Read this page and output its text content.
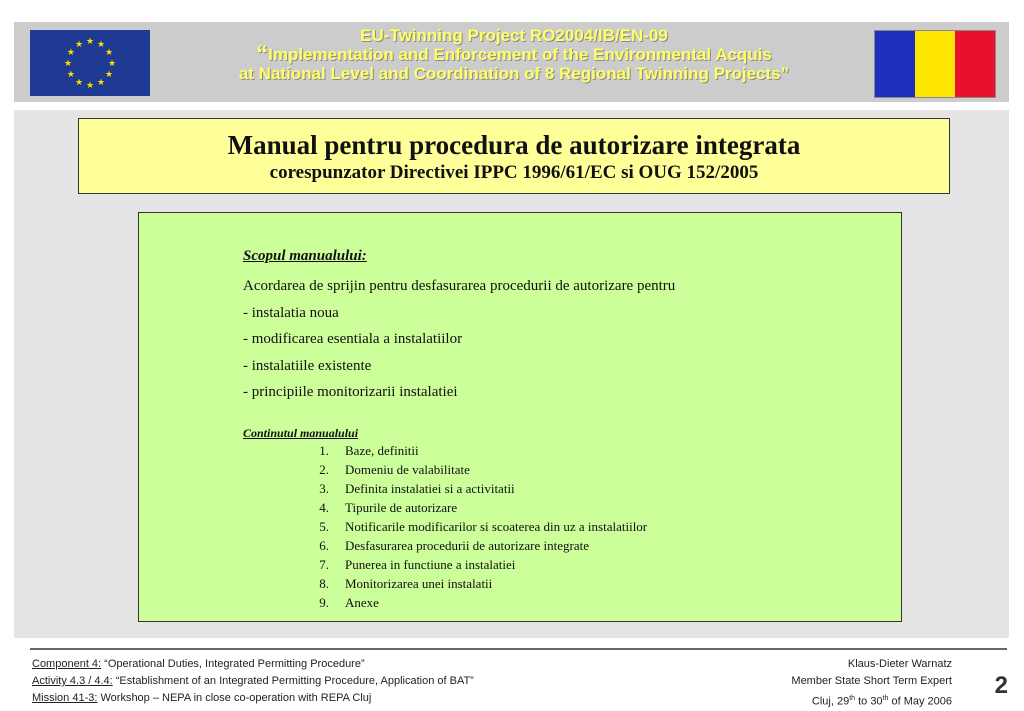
★ ★
★
★
★
★
★
★
★
★
★
★	EU-Twinning Project RO2004/IB/EN-09
“Implementation and Enforcement of the Environmental Acquis
at National Level and Coordination of 8 Regional Twinning Projects”
Manual pentru procedura de autorizare integrata
corespunzator Directivei IPPC 1996/61/EC si OUG 152/2005
Scopul manualului:
Acordarea de sprijin pentru desfasurarea procedurii de autorizare pentru
- instalatia noua
- modificarea esentiala a instalatiilor
- instalatiile existente
- principiile monitorizarii instalatiei
Continutul manualului
1.	Baze, definitii
2.	Domeniu de valabilitate
3.	Definita instalatiei si a activitatii
4.	Tipurile de autorizare
5.	Notificarile modificarilor si scoaterea din uz a instalatiilor
6.	Desfasurarea procedurii de autorizare integrate
7.	Punerea in functiune a instalatiei
8.	Monitorizarea unei instalatii
9.	Anexe
Component 4: “Operational Duties, Integrated Permitting Procedure”
Activity 4.3 / 4.4: “Establishment of an Integrated Permitting Procedure, Application of BAT”
Mission 41-3: Workshop – NEPA in close co-operation with REPA Cluj
Klaus-Dieter Warnatz
Member State Short Term Expert
Cluj, 29th to 30th of May 2006
2
